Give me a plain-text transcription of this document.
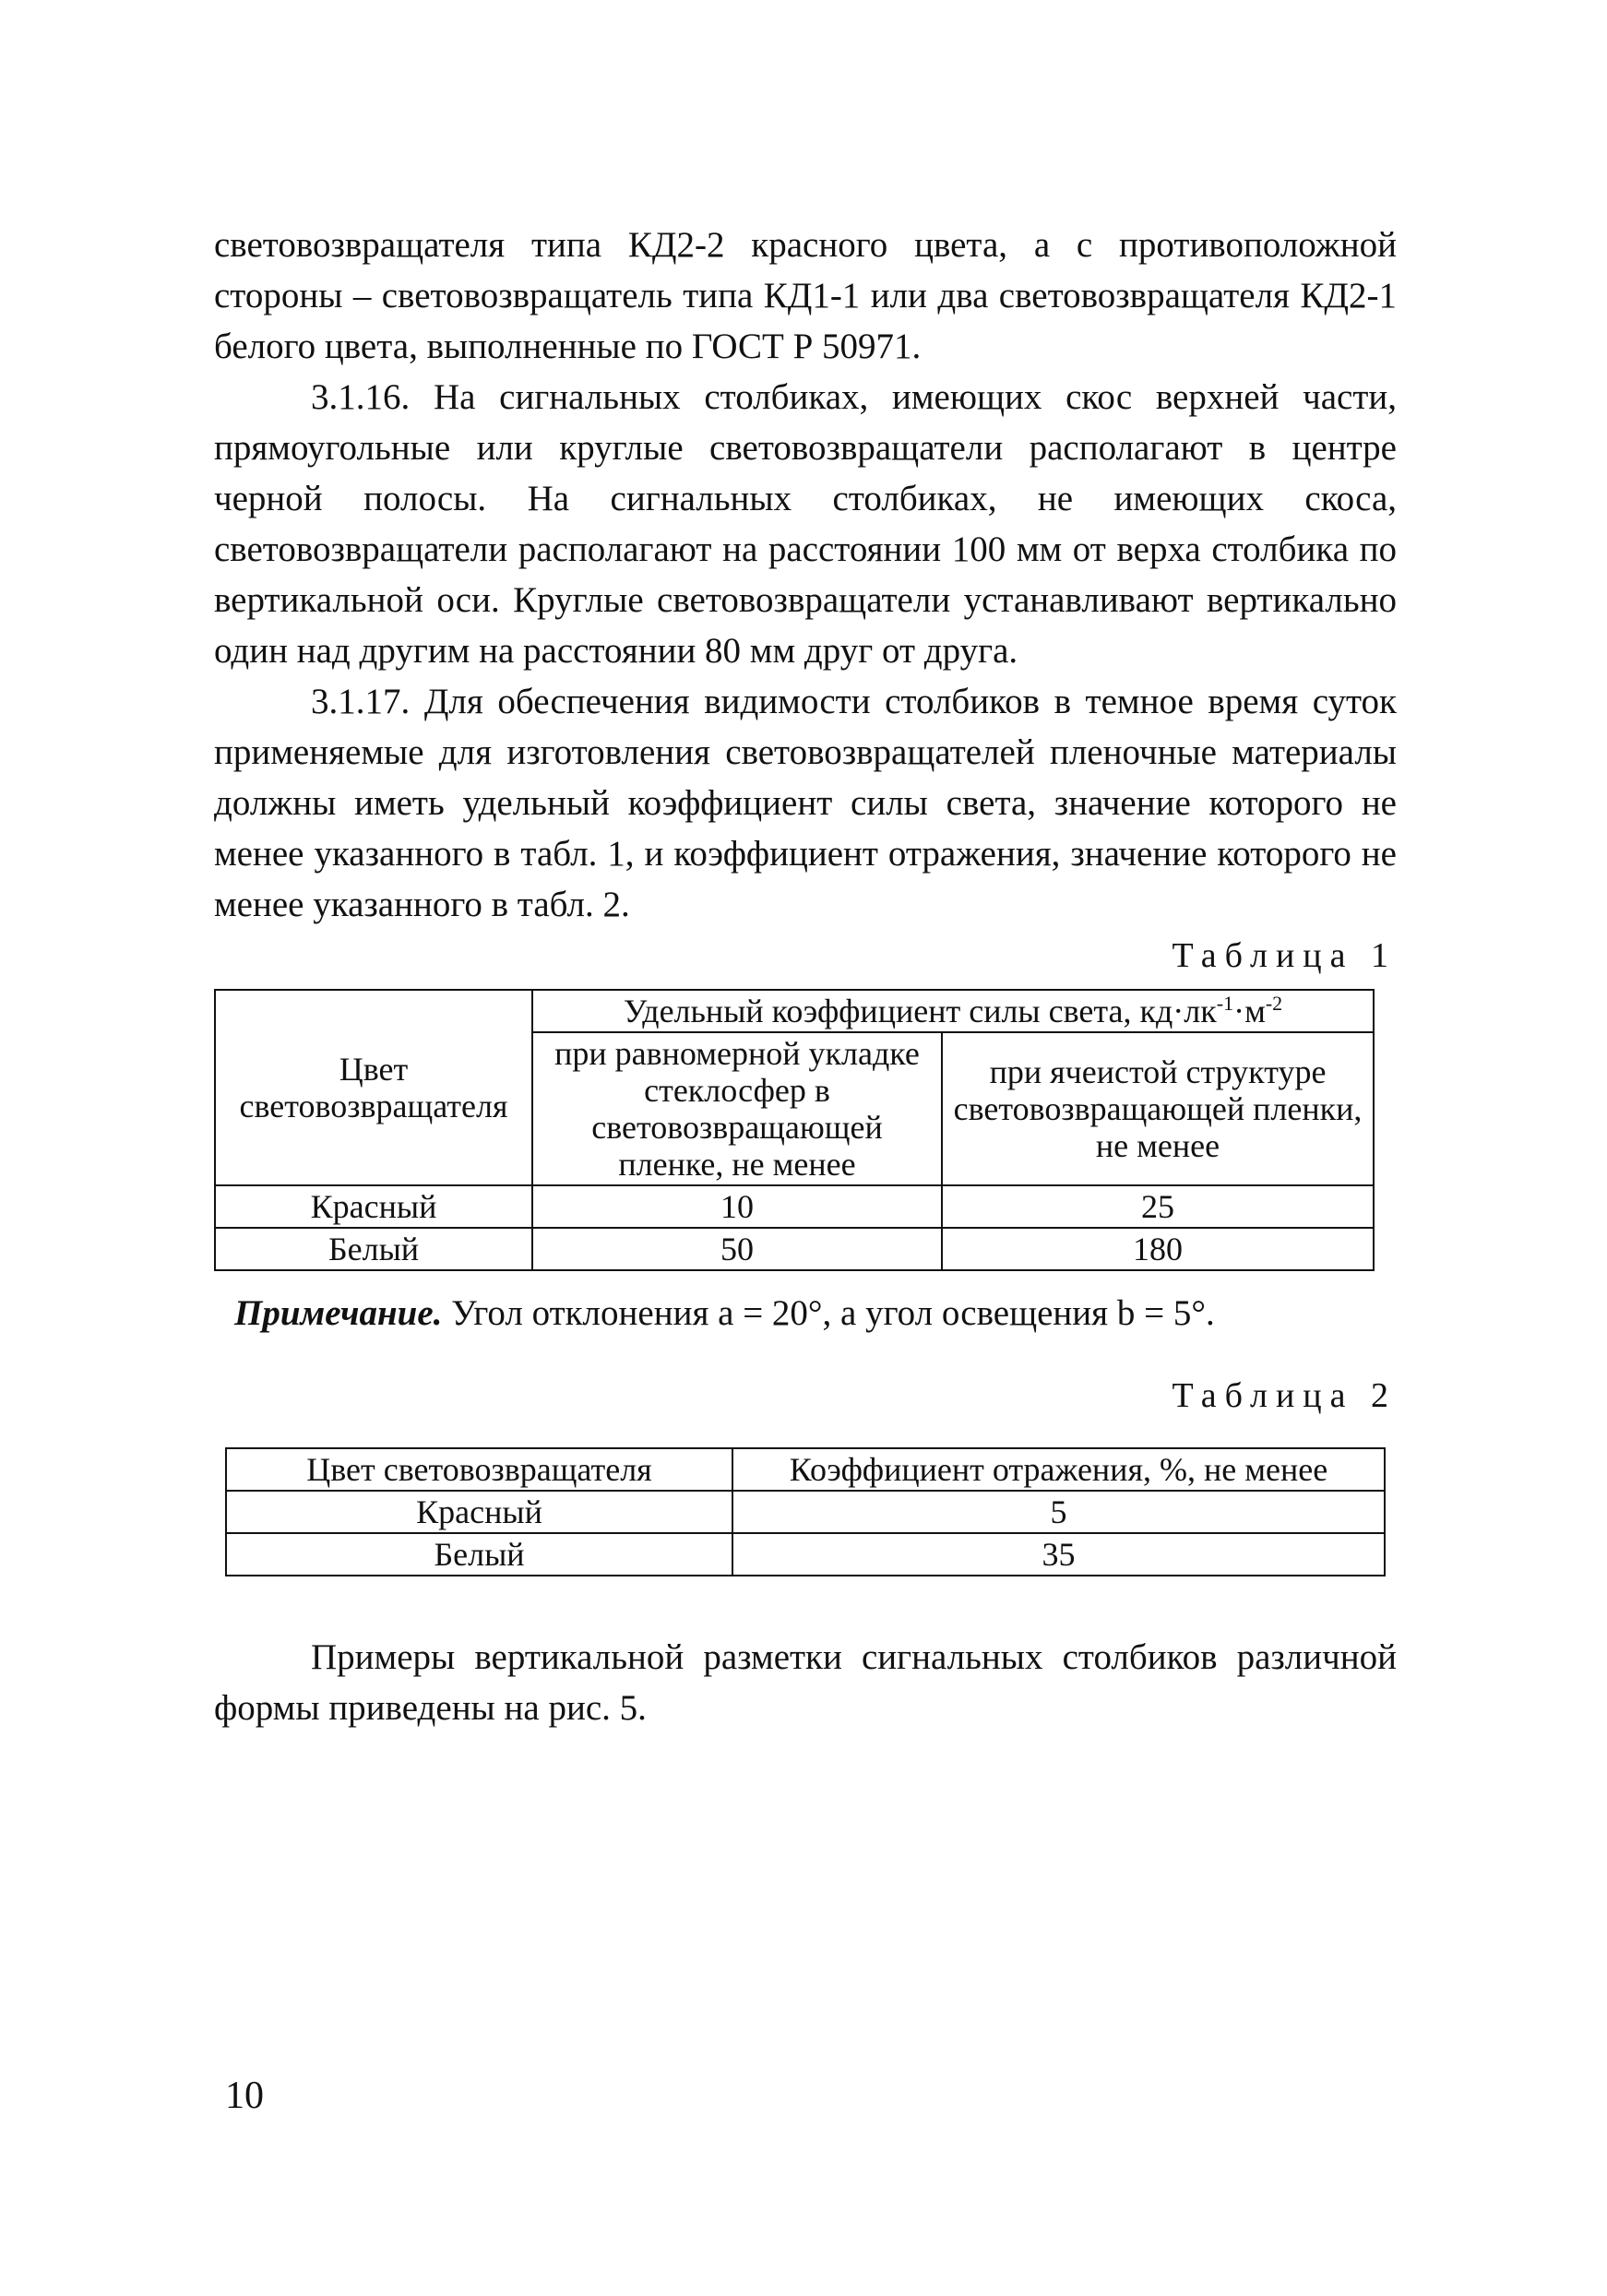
световозвращателя типа КД2-2 красного цвета, а с противоположной стороны – световозвращатель типа КД1-1 или два световозвращателя КД2-1 белого цвета, выполненные по ГОСТ Р 50971.

3.1.16. На сигнальных столбиках, имеющих скос верхней части, прямоугольные или круглые световозвращатели располагают в центре черной полосы. На сигнальных столбиках, не имеющих скоса, световозвращатели располагают на расстоянии 100 мм от верха столбика по вертикальной оси. Круглые световозвращатели устанавливают вертикально один над другим на расстоянии 80 мм друг от друга.

3.1.17. Для обеспечения видимости столбиков в темное время суток применяемые для изготовления световозвращателей пленочные материалы должны иметь удельный коэффициент силы света, значение которого не менее указанного в табл. 1, и коэффициент отражения, значение которого не менее указанного в табл. 2.

Таблица 1
Цвет световозвращателя	Удельный коэффициент силы света, $кд\cdot лк^{-1}\cdot м^{-2}$
	при равномерной укладке стеклосфер в световозвращающей пленке, не менее	при ячеистой структуре световозвращающей пленки, не менее
Красный	10	25
Белый	50	180

Примечание. Угол отклонения a = 20°, а угол освещения b = 5°.

Таблица 2
Цвет световозвращателя	Коэффициент отражения, %, не менее
Красный	5
Белый	35

Примеры вертикальной разметки сигнальных столбиков различной формы приведены на рис. 5.

10
